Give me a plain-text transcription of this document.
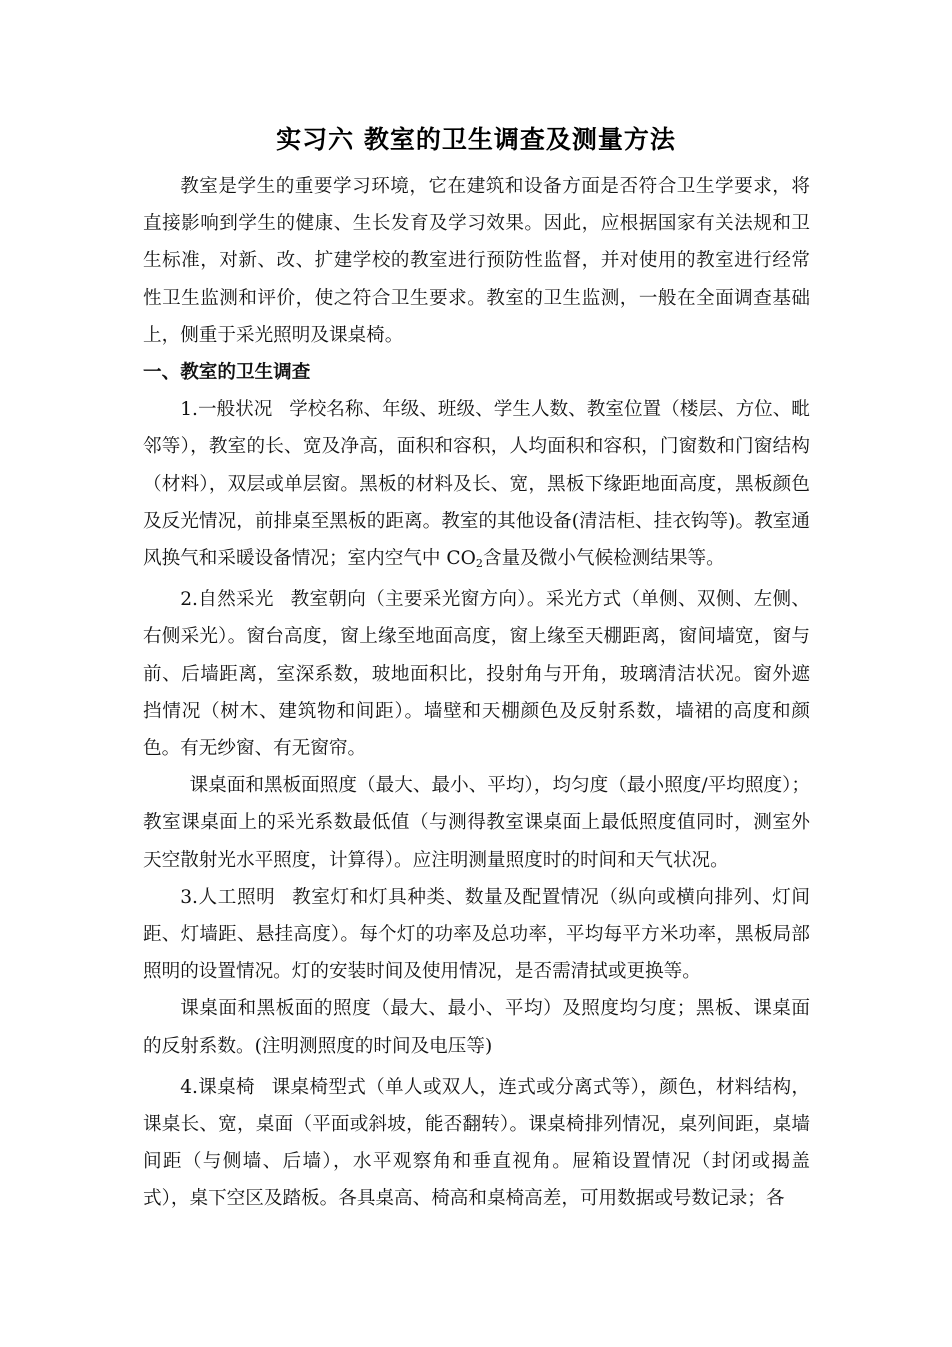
实习六 教室的卫生调查及测量方法

教室是学生的重要学习环境，它在建筑和设备方面是否符合卫生学要求，将直接影响到学生的健康、生长发育及学习效果。因此，应根据国家有关法规和卫生标准，对新、改、扩建学校的教室进行预防性监督，并对使用的教室进行经常性卫生监测和评价，使之符合卫生要求。教室的卫生监测，一般在全面调查基础上，侧重于采光照明及课桌椅。

一、教室的卫生调查

1.一般状况 学校名称、年级、班级、学生人数、教室位置（楼层、方位、毗邻等），教室的长、宽及净高，面积和容积，人均面积和容积，门窗数和门窗结构（材料），双层或单层窗。黑板的材料及长、宽，黑板下缘距地面高度，黑板颜色及反光情况，前排桌至黑板的距离。教室的其他设备(清洁柜、挂衣钩等)。教室通风换气和采暖设备情况；室内空气中 $CO_2$含量及微小气候检测结果等。

2.自然采光 教室朝向（主要采光窗方向）。采光方式（单侧、双侧、左侧、右侧采光）。窗台高度，窗上缘至地面高度，窗上缘至天棚距离，窗间墙宽，窗与前、后墙距离，室深系数，玻地面积比，投射角与开角，玻璃清洁状况。窗外遮挡情况（树木、建筑物和间距）。墙壁和天棚颜色及反射系数，墙裙的高度和颜色。有无纱窗、有无窗帘。

课桌面和黑板面照度（最大、最小、平均），均匀度（最小照度/平均照度）；教室课桌面上的采光系数最低值（与测得教室课桌面上最低照度值同时，测室外天空散射光水平照度，计算得）。应注明测量照度时的时间和天气状况。

3.人工照明 教室灯和灯具种类、数量及配置情况（纵向或横向排列、灯间距、灯墙距、悬挂高度）。每个灯的功率及总功率，平均每平方米功率，黑板局部照明的设置情况。灯的安装时间及使用情况，是否需清拭或更换等。

课桌面和黑板面的照度（最大、最小、平均）及照度均匀度；黑板、课桌面的反射系数。(注明测照度的时间及电压等)

4.课桌椅 课桌椅型式（单人或双人，连式或分离式等），颜色，材料结构，课桌长、宽，桌面（平面或斜坡，能否翻转）。课桌椅排列情况，桌列间距，桌墙间距（与侧墙、后墙），水平观察角和垂直视角。屉箱设置情况（封闭或揭盖式），桌下空区及踏板。各具桌高、椅高和桌椅高差，可用数据或号数记录；各
